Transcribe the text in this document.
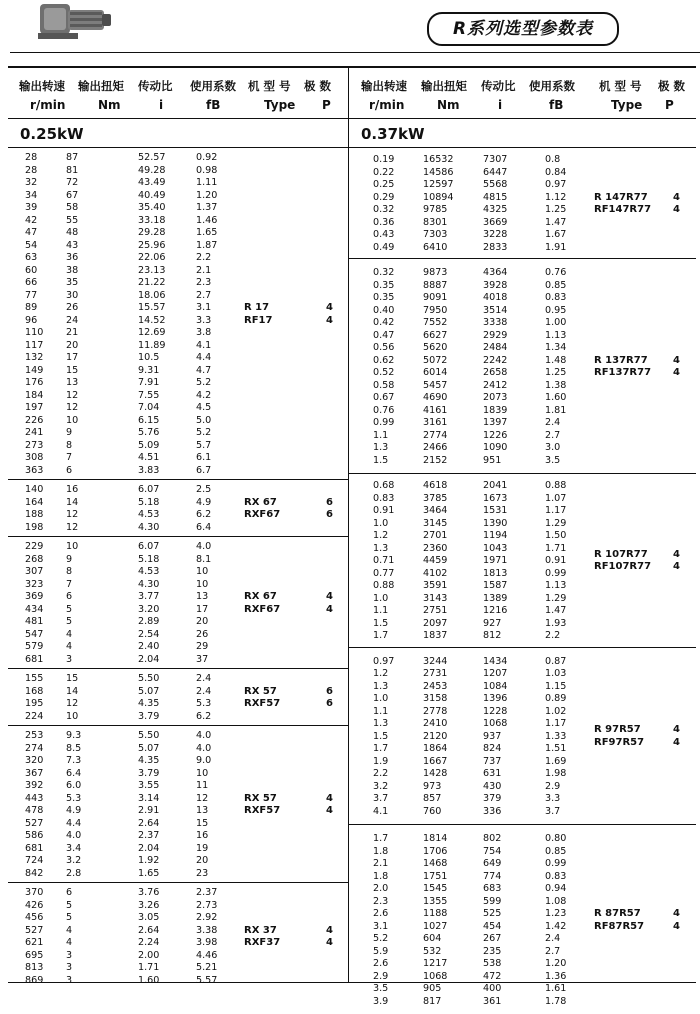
R系列选型参数表
输出转速 输出扭矩 传动比 使用系数 机 型 号 极 数
r/min	Nm	i	fB	Type P
0.25kW
28	87	52.57	0.92
28	81	49.28	0.98
32	72	43.49	1.11
34	67	40.49	1.20
39	58	35.40	1.37
42	55	33.18	1.46
47	48	29.28	1.65
54	43	25.96	1.87
63	36	22.06	2.2
60	38	23.13	2.1
66	35	21.22	2.3
77	30	18.06	2.7
89	26	15.57	3.1
96	24	14.52	3.3
110 21	12.69	3.8
117 20	11.89	4.1
132 17	10.5	4.4
149 15	9.31	4.7
176 13	7.91	5.2
184 12	7.55	4.2
197 12	7.04	4.5
226 10	6.15	5.0
241 9	5.76	5.2
273 8	5.09	5.7
308 7	4.51	6.1
363 6	3.83	6.7
R 17	4
RF17	4
140 16	6.07	2.5
164 14	5.18	4.9
188 12	4.53	6.2
198 12	4.30	6.4
RX 67	6
RXF67	6
229 10	6.07	4.0
268 9	5.18	8.1
307 8	4.53	10
323 7	4.30	10
369 6	3.77	13
434 5	3.20	17
481 5	2.89	20
547 4	2.54	26
579 4	2.40	29
681 3	2.04	37
RX 67	4
RXF67	4
155 15	5.50	2.4
168 14	5.07	2.4
195 12	4.35	5.3
224 10	3.79	6.2
RX 57	6
RXF57	6
253 9.3	5.50	4.0
274 8.5	5.07	4.0
320 7.3	4.35	9.0
367 6.4	3.79	10
392 6.0	3.55	11
443 5.3	3.14	12
478 4.9	2.91	13
527 4.4	2.64	15
586 4.0	2.37	16
681 3.4	2.04	19
724 3.2	1.92	20
842 2.8	1.65	23
RX 57	4
RXF57	4
370 6	3.76	2.37
426 5	3.26	2.73
456 5	3.05	2.92
527 4	2.64	3.38
621 4	2.24	3.98
695 3	2.00	4.46
813 3	1.71	5.21
869 3	1.60	5.57
RX 37	4
RXF37	4
输出转速 输出扭矩 传动比 使用系数 机 型 号 极 数
r/min	Nm	i	fB	Type P
0.37kW
0.19	16532	7307	0.8
0.22	14586	6447	0.84
0.25	12597	5568	0.97
0.29	10894	4815	1.12
0.32	9785	4325	1.25
0.36	8301	3669	1.47
0.43	7303	3228	1.67
0.49	6410	2833	1.91
R 147R77	4
RF147R77 4
0.32	9873	4364	0.76
0.35	8887	3928	0.85
0.35	9091	4018	0.83
0.40	7950	3514	0.95
0.42	7552	3338	1.00
0.47	6627	2929	1.13
0.56	5620	2484	1.34
0.62	5072	2242	1.48
0.52	6014	2658	1.25
0.58	5457	2412	1.38
0.67	4690	2073	1.60
0.76	4161	1839	1.81
0.99	3161	1397	2.4
1.1	2774	1226	2.7
1.3	2466	1090	3.0
1.5	2152	951	3.5
R 137R77	4
RF137R77 4
0.68	4618	2041	0.88
0.83	3785	1673	1.07
0.91	3464	1531	1.17
1.0	3145	1390	1.29
1.2	2701	1194	1.50
1.3	2360	1043	1.71
0.71	4459	1971	0.91
0.77	4102	1813	0.99
0.88	3591	1587	1.13
1.0	3143	1389	1.29
1.1	2751	1216	1.47
1.5	2097	927	1.93
1.7	1837	812	2.2
R 107R77	4
RF107R77 4
0.97	3244	1434	0.87
1.2	2731	1207	1.03
1.3	2453	1084	1.15
1.0	3158	1396	0.89
1.1	2778	1228	1.02
1.3	2410	1068	1.17
1.5	2120	937	1.33
1.7	1864	824	1.51
1.9	1667	737	1.69
2.2	1428	631	1.98
3.2	973	430	2.9
3.7	857	379	3.3
4.1	760	336	3.7
R 97R57	4
RF97R57	4
1.7	1814	802	0.80
1.8	1706	754	0.85
2.1	1468	649	0.99
1.8	1751	774	0.83
2.0	1545	683	0.94
2.3	1355	599	1.08
2.6	1188	525	1.23
3.1	1027	454	1.42
5.2	604	267	2.4
5.9	532	235	2.7
2.6	1217	538	1.20
2.9	1068	472	1.36
3.5	905	400	1.61
3.9	817	361	1.78
R 87R57	4
RF87R57	4
